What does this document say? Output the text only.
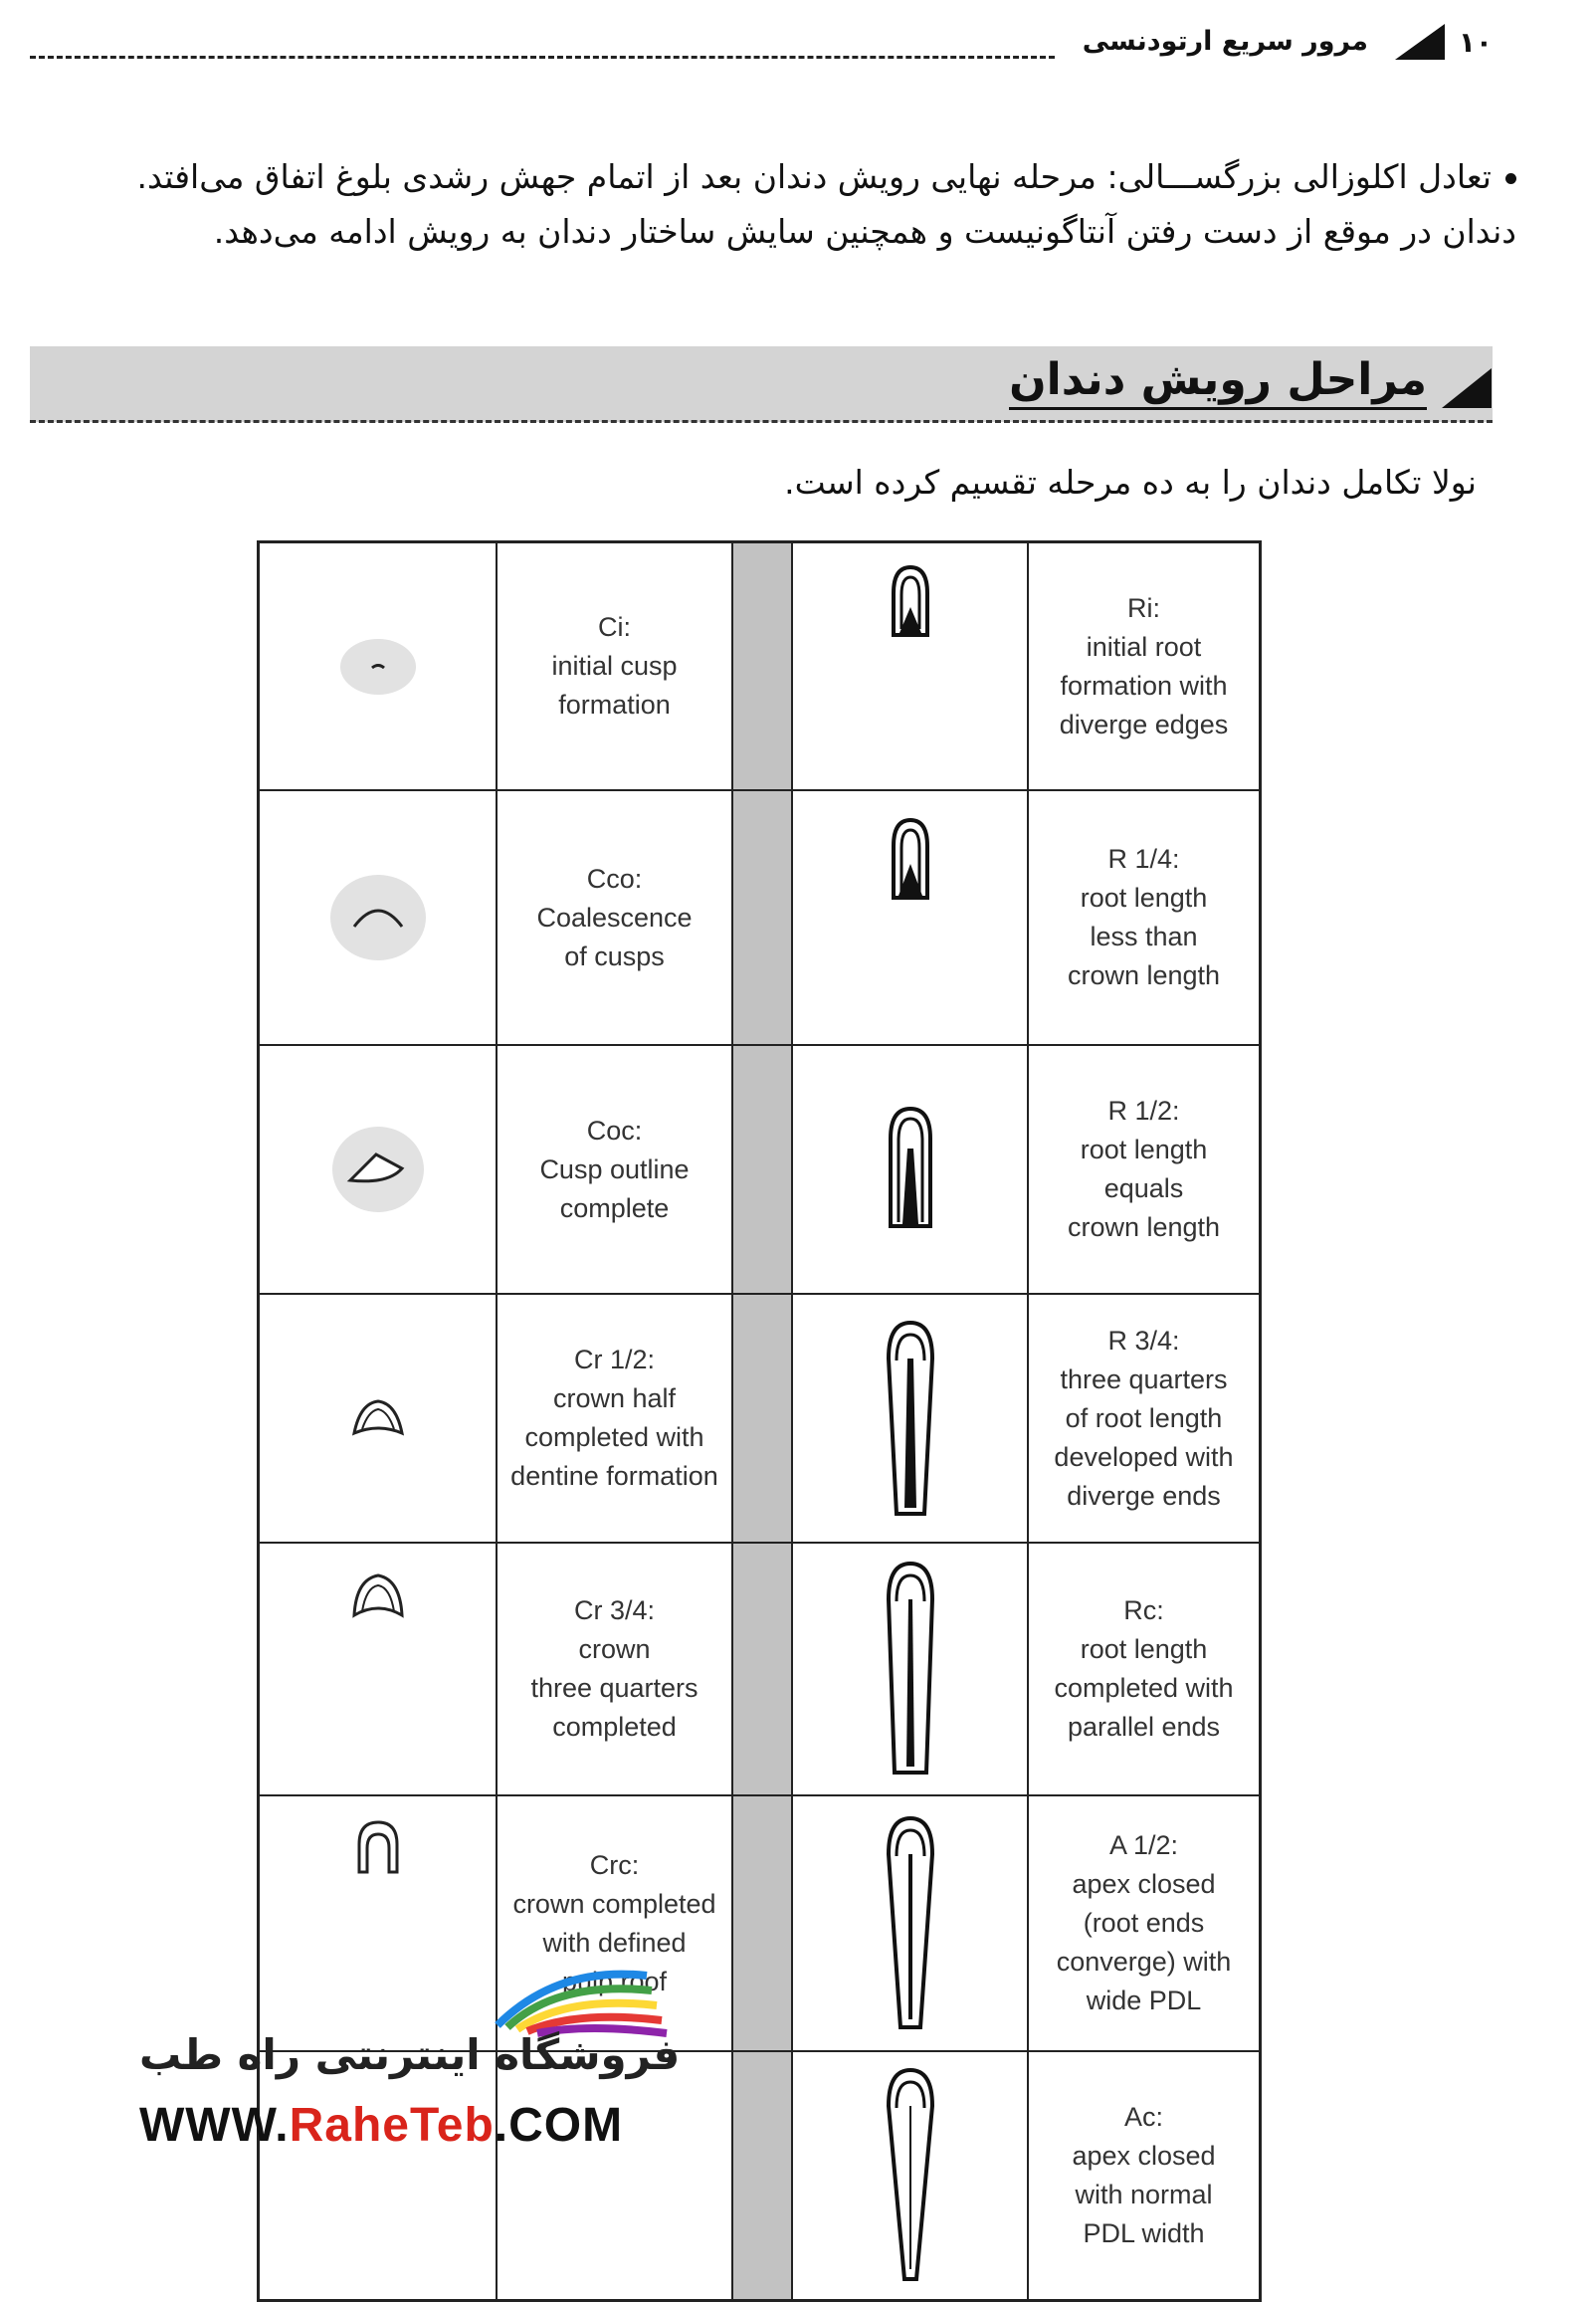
۱۰
مرور سریع ارتودنسی
تعادل اکلوزالی بزرگســـالی: مرحله نهایی رویش دندان بعد از اتمام جهش رشدی بلوغ اتفاق می‌افتد.
دندان در موقع از دست رفتن آنتاگونیست و همچنین سایش ساختار دندان به رویش ادامه می‌دهد.
مراحل رویش دندان
نولا تکامل دندان را به ده مرحله تقسیم کرده است.
Ci:
initial cusp
formation
Ri:
initial root
formation with
diverge edges
Cco:
Coalescence
of cusps
R 1/4:
root length
less than
crown length
Coc:
Cusp outline
complete
R 1/2:
root length
equals
crown length
Cr 1/2:
crown half
completed with
dentine formation
R 3/4:
three quarters
of root length
developed with
diverge ends
Cr 3/4:
crown
three quarters
completed
Rc:
root length
completed with
parallel ends
Crc:
crown completed
with defined
pulp roof
A 1/2:
apex closed
(root ends
converge) with
wide PDL
Ac:
apex closed
with normal
PDL width
فروشگاه اینترنتی راه طب
WWW.RaheTeb.COM
